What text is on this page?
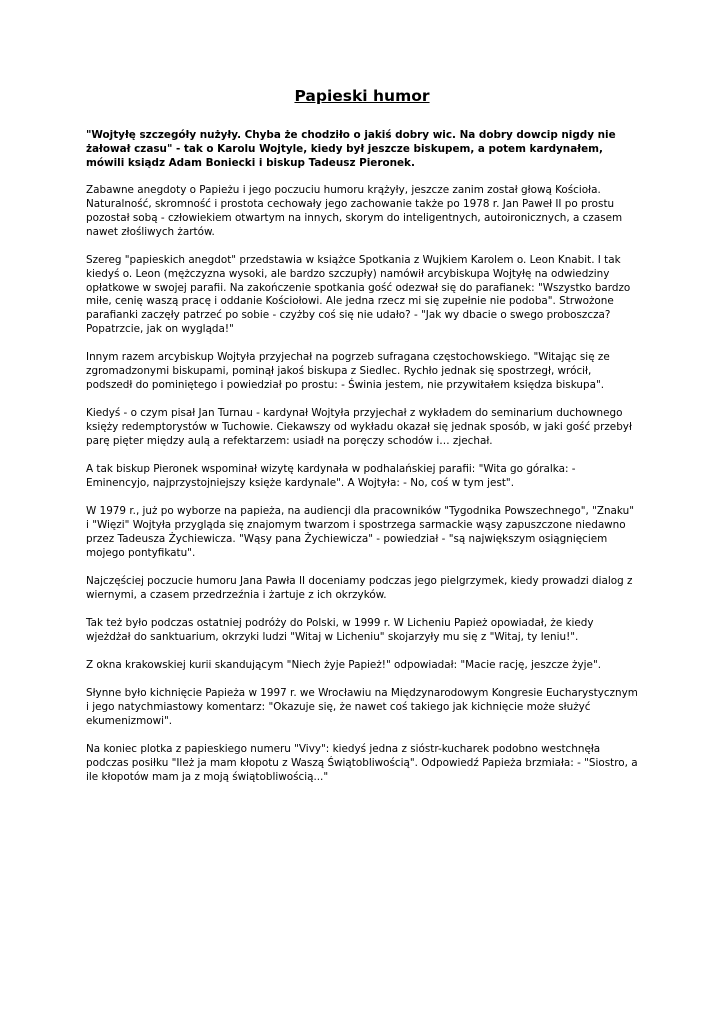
Papieski humor

"Wojtyłę szczegóły nużyły. Chyba że chodziło o jakiś dobry wic. Na dobry dowcip nigdy nie żałował czasu" - tak o Karolu Wojtyle, kiedy był jeszcze biskupem, a potem kardynałem, mówili ksiądz Adam Boniecki i biskup Tadeusz Pieronek.

Zabawne anegdoty o Papieżu i jego poczuciu humoru krążyły, jeszcze zanim został głową Kościoła. Naturalność, skromność i prostota cechowały jego zachowanie także po 1978 r. Jan Paweł II po prostu pozostał sobą - człowiekiem otwartym na innych, skorym do inteligentnych, autoironicznych, a czasem nawet złośliwych żartów.

Szereg "papieskich anegdot" przedstawia w książce Spotkania z Wujkiem Karolem o. Leon Knabit. I tak kiedyś o. Leon (mężczyzna wysoki, ale bardzo szczupły) namówił arcybiskupa Wojtyłę na odwiedziny opłatkowe w swojej parafii. Na zakończenie spotkania gość odezwał się do parafianek: "Wszystko bardzo miłe, cenię waszą pracę i oddanie Kościołowi. Ale jedna rzecz mi się zupełnie nie podoba". Strwożone parafianki zaczęły patrzeć po sobie - czyżby coś się nie udało? - "Jak wy dbacie o swego proboszcza? Popatrzcie, jak on wygląda!"

Innym razem arcybiskup Wojtyła przyjechał na pogrzeb sufragana częstochowskiego. "Witając się ze zgromadzonymi biskupami, pominął jakoś biskupa z Siedlec. Rychło jednak się spostrzegł, wrócił, podszedł do pominiętego i powiedział po prostu: - Świnia jestem, nie przywitałem księdza biskupa".

Kiedyś - o czym pisał Jan Turnau - kardynał Wojtyła przyjechał z wykładem do seminarium duchownego księży redemptorystów w Tuchowie. Ciekawszy od wykładu okazał się jednak sposób, w jaki gość przebył parę pięter między aulą a refektarzem: usiadł na poręczy schodów i… zjechał.

A tak biskup Pieronek wspominał wizytę kardynała w podhalańskiej parafii: "Wita go góralka: - Eminencyjo, najprzystojniejszy księże kardynale". A Wojtyła: - No, coś w tym jest".

W 1979 r., już po wyborze na papieża, na audiencji dla pracowników "Tygodnika Powszechnego", "Znaku" i "Więzi" Wojtyła przygląda się znajomym twarzom i spostrzega sarmackie wąsy zapuszczone niedawno przez Tadeusza Żychiewicza. "Wąsy pana Żychiewicza" - powiedział - "są największym osiągnięciem mojego pontyfikatu".

Najczęściej poczucie humoru Jana Pawła II doceniamy podczas jego pielgrzymek, kiedy prowadzi dialog z wiernymi, a czasem przedrzeźnia i żartuje z ich okrzyków.

Tak też było podczas ostatniej podróży do Polski, w 1999 r. W Licheniu Papież opowiadał, że kiedy wjeżdżał do sanktuarium, okrzyki ludzi "Witaj w Licheniu" skojarzyły mu się z "Witaj, ty leniu!".

Z okna krakowskiej kurii skandującym "Niech żyje Papież!" odpowiadał: "Macie rację, jeszcze żyje".

Słynne było kichnięcie Papieża w 1997 r. we Wrocławiu na Międzynarodowym Kongresie Eucharystycznym i jego natychmiastowy komentarz: "Okazuje się, że nawet coś takiego jak kichnięcie może służyć ekumenizmowi".

Na koniec plotka z papieskiego numeru "Vivy": kiedyś jedna z sióstr-kucharek podobno westchnęła podczas posiłku "Ileż ja mam kłopotu z Waszą Świątobliwością". Odpowiedź Papieża brzmiała: - "Siostro, a ile kłopotów mam ja z moją świątobliwością..."
